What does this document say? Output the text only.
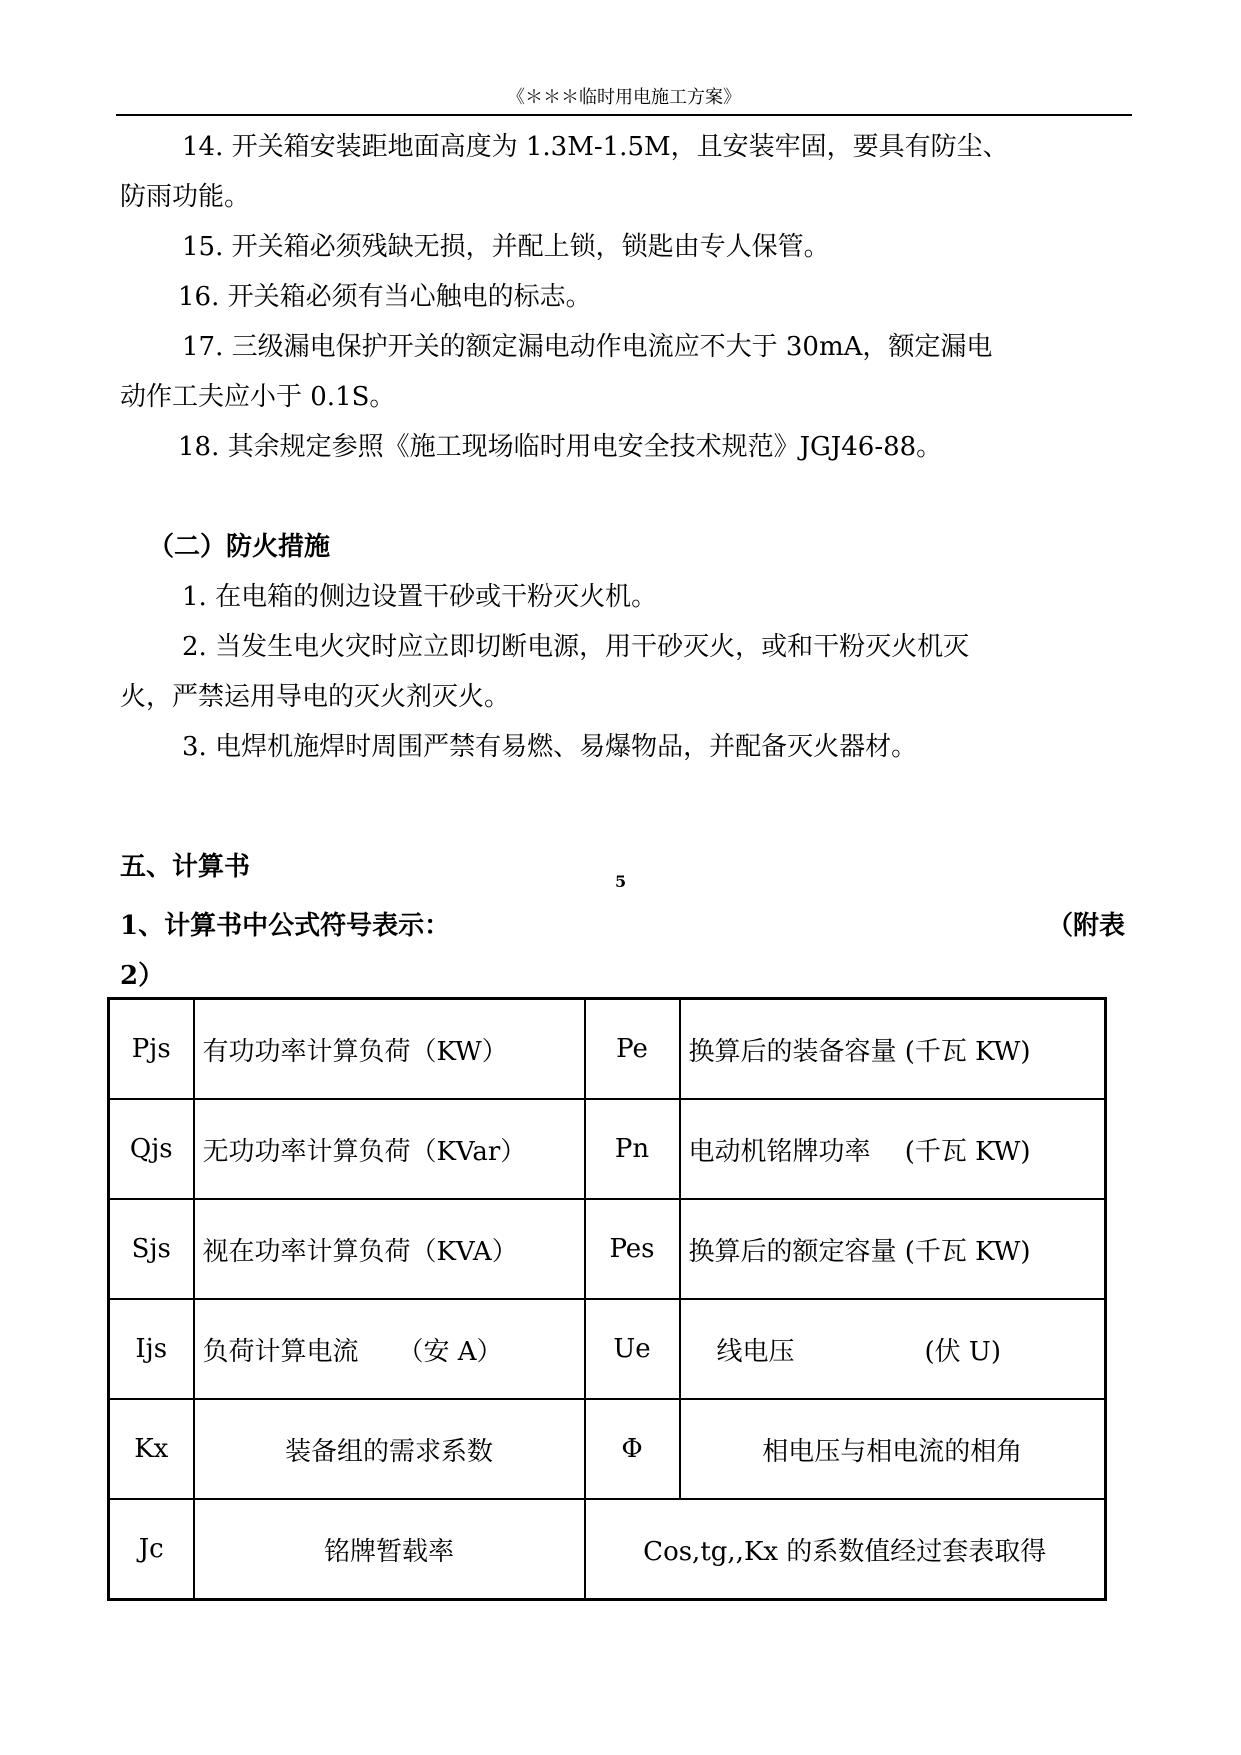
《＊＊＊临时用电施工方案》
14. 开关箱安装距地面高度为 1.3M-1.5M，且安装牢固，要具有防尘、
防雨功能。
15. 开关箱必须残缺无损，并配上锁，锁匙由专人保管。
16. 开关箱必须有当心触电的标志。
17. 三级漏电保护开关的额定漏电动作电流应不大于 30mA，额定漏电
动作工夫应小于 0.1S。
18. 其余规定参照《施工现场临时用电安全技术规范》JGJ46-88。
（二）防火措施
1. 在电箱的侧边设置干砂或干粉灭火机。
2. 当发生电火灾时应立即切断电源，用干砂灭火，或和干粉灭火机灭
火，严禁运用导电的灭火剂灭火。
3. 电焊机施焊时周围严禁有易燃、易爆物品，并配备灭火器材。
五、计算书	5
1、计算书中公式符号表示：	（附表
2）
Pjs	有功功率计算负荷（KW）	Pe	换算后的装备容量 (千瓦 KW)
Qjs	无功功率计算负荷（KVar）	Pn	电动机铭牌功率　 (千瓦 KW)
Sjs	视在功率计算负荷（KVA）	Pes	换算后的额定容量 (千瓦 KW)
Ijs	负荷计算电流　　（安 A）	Ue	线电压　　　　　(伏 U)
Kx	装备组的需求系数	Φ	相电压与相电流的相角
Jc	铭牌暂载率	Cos,tg,,Kx 的系数值经过套表取得	
